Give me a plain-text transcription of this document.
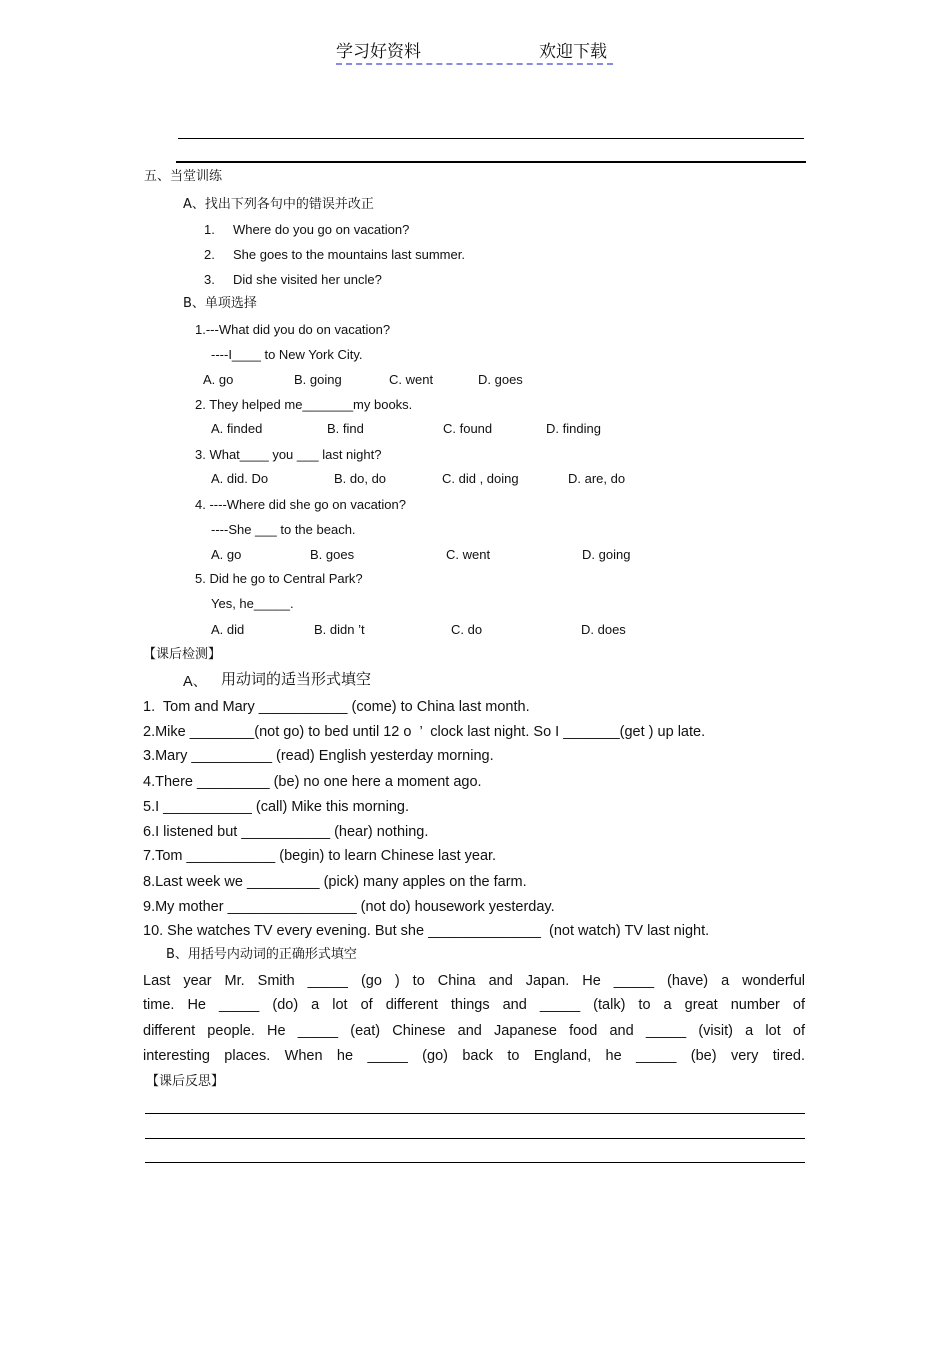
学习好资料	欢迎下载
五、当堂训练
A、找出下列各句中的错误并改正
1. Where do you go on vacation?
2. She goes to the mountains last summer.
3. Did she visited her uncle?
B、单项选择
1.---What did you do on vacation?
----I____ to New York City.
A. go	B. going	C. went	D. goes
2. They helped me_______my books.
A. finded	B. find	C. found	D. finding
3. What____ you ___ last night?
A. did. Do	B. do, do	C. did , doing	D. are, do
4. ----Where did she go on vacation?
----She ___ to the beach.
A. go	B. goes	C. went	D. going
5. Did he go to Central Park?
Yes, he_____.
A. did	B. didn ’t	C. do	D. does
【课后检测】
A、 用动词的适当形式填空
1.  Tom and Mary ___________ (come) to China last month.
2.Mike ________(not go) to bed until 12 o  ’  clock last night. So I _______(get ) up late.
3.Mary __________ (read) English yesterday morning.
4.There _________ (be) no one here a moment ago.
5.I ___________ (call) Mike this morning.
6.I listened but ___________ (hear) nothing.
7.Tom ___________ (begin) to learn Chinese last year.
8.Last week we _________ (pick) many apples on the farm.
9.My mother ________________ (not do) housework yesterday.
10. She watches TV every evening. But she ______________  (not watch) TV last night.
B、用括号内动词的正确形式填空
Last year Mr. Smith _____ (go ) to China and Japan. He _____ (have) a wonderful
time. He _____ (do) a lot of different things and _____ (talk) to a great number of
different people. He _____ (eat) Chinese and Japanese food and _____ (visit) a lot of
interesting places. When he _____ (go) back to England, he _____ (be) very tired.
【课后反思】
